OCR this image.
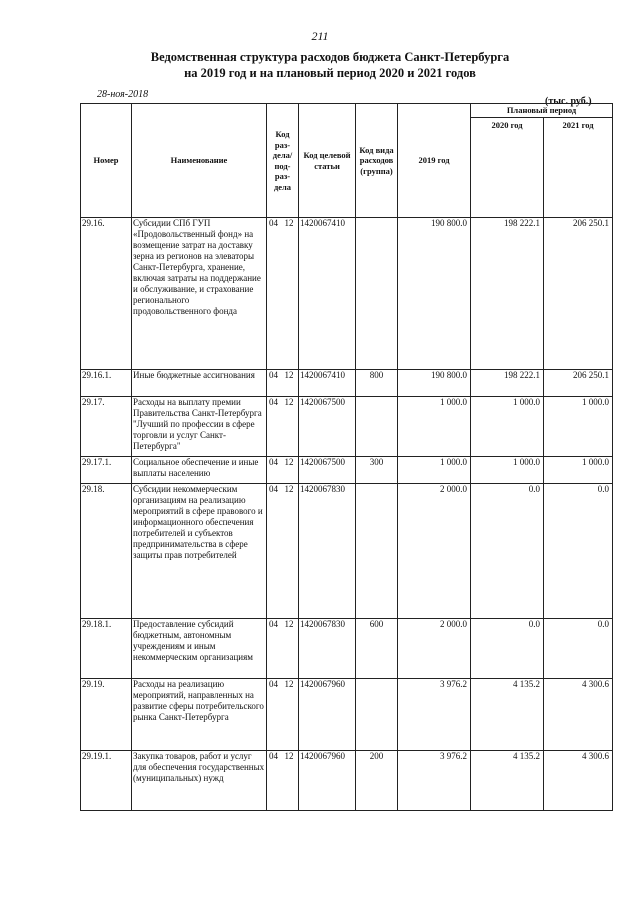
211
Ведомственная структура расходов бюджета Санкт-Петербурга
на 2019 год и на плановый период 2020 и 2021 годов
28-ноя-2018
(тыс. руб.)
Номер	Наименование	Код раз-дела/ под-раз-дела		Код целевой статьи	Код вида расходов (группа)	2019 год	Плановый период	
							2020 год	2021 год
29.16.	Субсидии СПб ГУП «Продовольственный фонд» на возмещение затрат на доставку зерна из регионов на элеваторы Санкт-Петербурга, хранение, включая затраты на поддержание и обслуживание, и страхование регионального продовольственного фонда	04	12	1420067410		190 800.0	198 222.1	206 250.1
29.16.1.	Иные бюджетные ассигнования	04	12	1420067410	800	190 800.0	198 222.1	206 250.1
29.17.	Расходы на выплату премии Правительства Санкт-Петербурга "Лучший по профессии в сфере торговли и услуг Санкт-Петербурга"	04	12	1420067500		1 000.0	1 000.0	1 000.0
29.17.1.	Социальное обеспечение и иные выплаты населению	04	12	1420067500	300	1 000.0	1 000.0	1 000.0
29.18.	Субсидии некоммерческим организациям на реализацию мероприятий в сфере правового и информационного обеспечения потребителей и субъектов предпринимательства в сфере защиты прав потребителей	04	12	1420067830		2 000.0	0.0	0.0
29.18.1.	Предоставление субсидий бюджетным, автономным учреждениям и иным некоммерческим организациям	04	12	1420067830	600	2 000.0	0.0	0.0
29.19.	Расходы на реализацию мероприятий, направленных на развитие сферы потребительского рынка Санкт-Петербурга	04	12	1420067960		3 976.2	4 135.2	4 300.6
29.19.1.	Закупка товаров, работ и услуг для обеспечения государственных (муниципальных) нужд	04	12	1420067960	200	3 976.2	4 135.2	4 300.6
